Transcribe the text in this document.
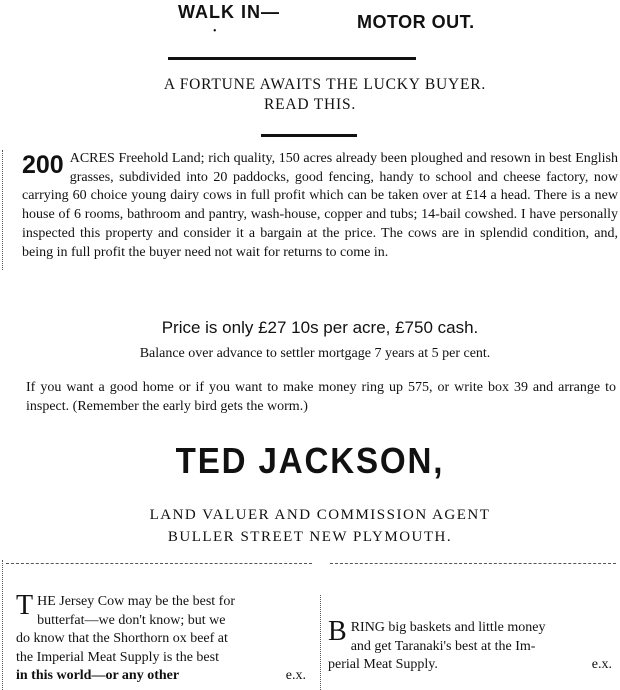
WALK IN—	MOTOR OUT.
•
A FORTUNE AWAITS THE LUCKY BUYER.
READ THIS.
200 ACRES Freehold Land; rich quality, 150 acres already been ploughed and resown in best English grasses, subdivided into 20 paddocks, good fencing, handy to school and cheese factory, now carrying 60 choice young dairy cows in full profit which can be taken over at £14 a head. There is a new house of 6 rooms, bathroom and pantry, wash-house, copper and tubs; 14-bail cowshed. I have personally inspected this property and consider it a bargain at the price. The cows are in splendid condition, and, being in full profit the buyer need not wait for returns to come in.
Price is only £27 10s per acre, £750 cash.
Balance over advance to settler mortgage 7 years at 5 per cent.
If you want a good home or if you want to make money ring up 575, or write box 39 and arrange to inspect. (Remember the early bird gets the worm.)
TED JACKSON,
LAND VALUER AND COMMISSION AGENT
BULLER STREET NEW PLYMOUTH.
T HE Jersey Cow may be the best for
butterfat—we don't know; but we
do know that the Shorthorn ox beef at
the Imperial Meat Supply is the best
in this world—or any other	e.x.
B RING big baskets and little money
and get Taranaki's best at the Im-
perial Meat Supply.	e.x.
